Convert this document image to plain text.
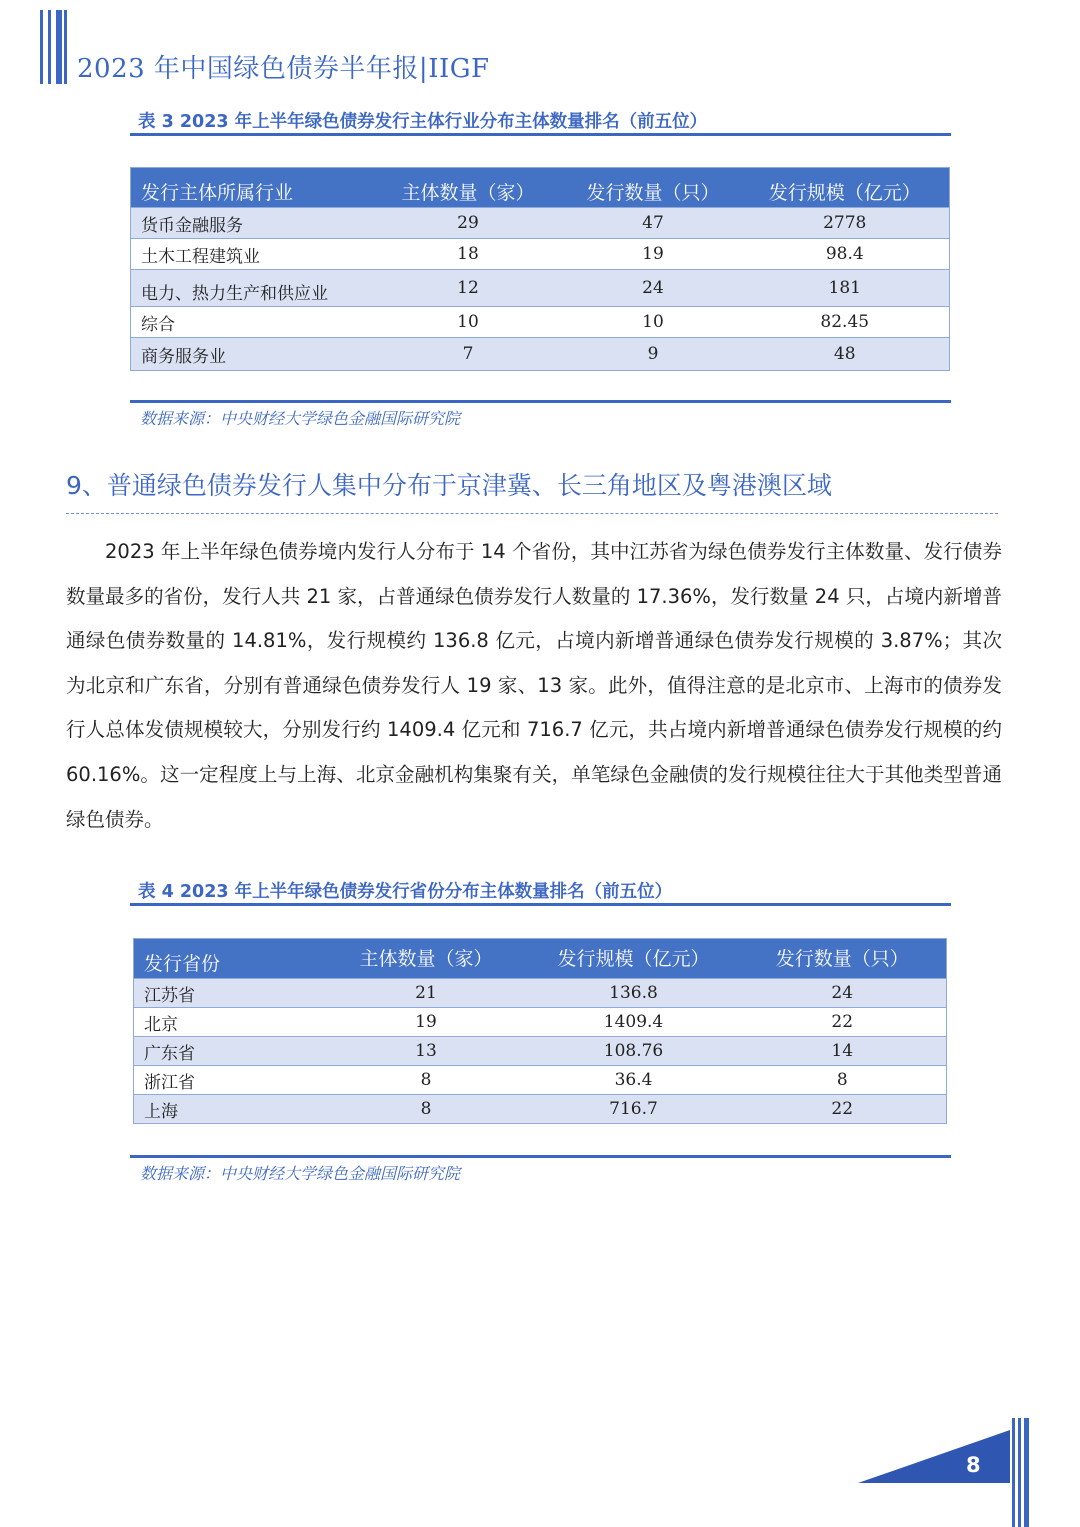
2023 年中国绿色债券半年报|IIGF
表 3 2023 年上半年绿色债券发行主体行业分布主体数量排名（前五位）
发行主体所属行业	主体数量（家）	发行数量（只）	发行规模（亿元）
货币金融服务	29	47	2778
土木工程建筑业	18	19	98.4
电力、热力生产和供应业	12	24	181
综合	10	10	82.45
商务服务业	7	9	48
数据来源：中央财经大学绿色金融国际研究院
9、普通绿色债券发行人集中分布于京津冀、长三角地区及粤港澳区域
2023 年上半年绿色债券境内发行人分布于 14 个省份，其中江苏省为绿色债券发行主体数量、发行债券数量最多的省份，发行人共 21 家，占普通绿色债券发行人数量的 17.36%，发行数量 24 只，占境内新增普通绿色债券数量的 14.81%，发行规模约 136.8 亿元，占境内新增普通绿色债券发行规模的 3.87%；其次为北京和广东省，分别有普通绿色债券发行人 19 家、13 家。此外，值得注意的是北京市、上海市的债券发行人总体发债规模较大，分别发行约 1409.4 亿元和 716.7 亿元，共占境内新增普通绿色债券发行规模的约 60.16%。这一定程度上与上海、北京金融机构集聚有关，单笔绿色金融债的发行规模往往大于其他类型普通绿色债券。
表 4 2023 年上半年绿色债券发行省份分布主体数量排名（前五位）
发行省份	主体数量（家）	发行规模（亿元）	发行数量（只）
江苏省	21	136.8	24
北京	19	1409.4	22
广东省	13	108.76	14
浙江省	8	36.4	8
上海	8	716.7	22
数据来源：中央财经大学绿色金融国际研究院
8
